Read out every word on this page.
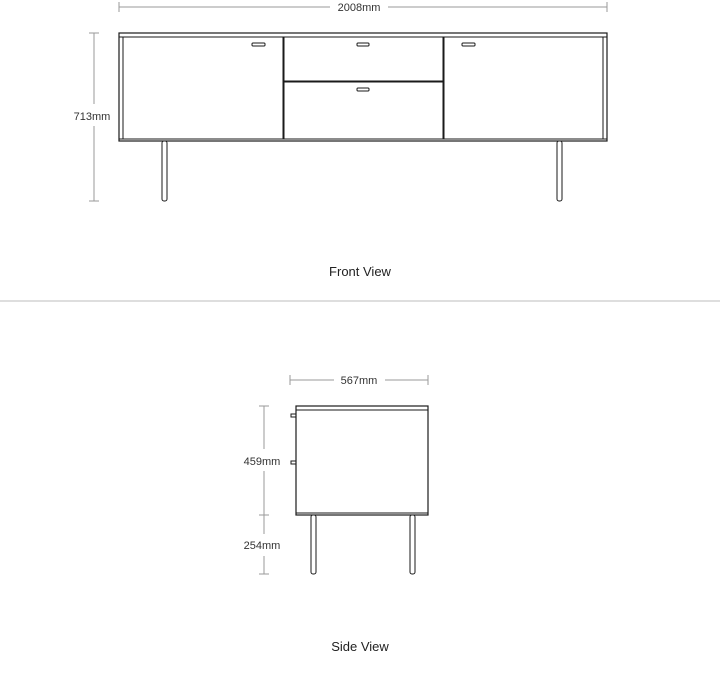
2008mm
713mm
Front View
567mm
459mm
254mm
Side View
